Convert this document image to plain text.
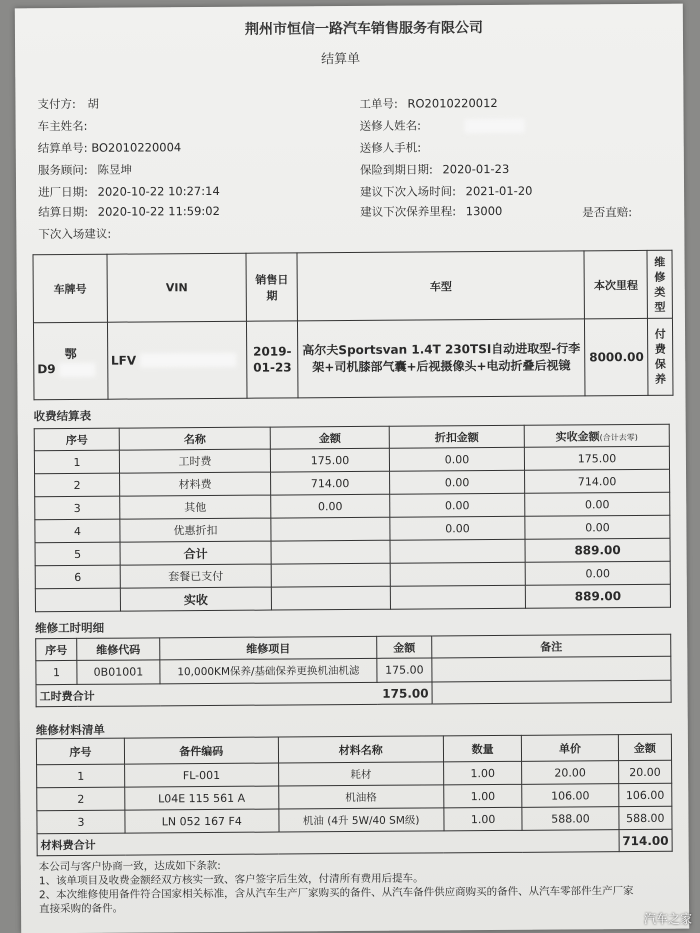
荆州市恒信一路汽车销售服务有限公司
结算单
支付方: 胡
车主姓名:
结算单号: BO2010220004
服务顾问: 陈昱坤
进厂日期: 2020-10-22 10:27:14
结算日期: 2020-10-22 11:59:02
下次入场建议:
工单号: RO2010220012
送修人姓名:
送修人手机:
保险到期日期: 2020-01-23
建议下次入场时间: 2021-01-20
建议下次保养里程: 13000	是否直赔:
车牌号	VIN	销售日期	车型	本次里程	维修类型

鄂
D9	LFV	2019-01-23	高尔夫Sportsvan 1.4T 230TSI自动进取型-行李架+司机膝部气囊+后视摄像头+电动折叠后视镜	8000.00	付费保养
收费结算表
序号	名称	金额	折扣金额	实收金额(合计去零)
1	工时费	175.00	0.00	175.00
2	材料费	714.00	0.00	714.00
3	其他	0.00	0.00	0.00
4	优惠折扣		0.00	0.00
5	合计			889.00
6	套餐已支付			0.00
	实收			889.00
维修工时明细
序号	维修代码	维修项目	金额	备注
1	0B01001	10,000KM保养/基础保养更换机油机滤	175.00	
工时费合计		175.00		
维修材料清单
序号	备件编码	材料名称	数量	单价	金额
1	FL-001	耗材	1.00	20.00	20.00
2	L04E 115 561 A	机油格	1.00	106.00	106.00
3	LN 052 167 F4	机油 (4升 5W/40 SM级)	1.00	588.00	588.00
材料费合计					714.00
本公司与客户协商一致，达成如下条款:
1、该单项目及收费金额经双方核实一致、客户签字后生效，付清所有费用后提车。
2、本次维修使用备件符合国家相关标准，含从汽车生产厂家购买的备件、从汽车备件供应商购买的备件、从汽车零部件生产厂家
直接采购的备件。
汽车之家
